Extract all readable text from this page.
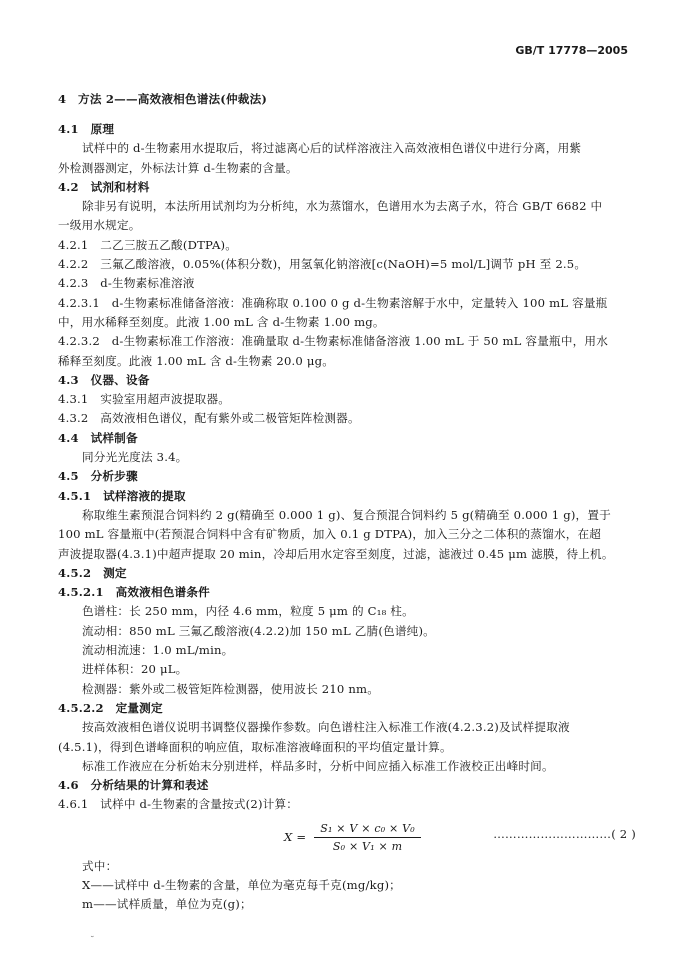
GB/T 17778—2005
4　方法 2——高效液相色谱法(仲裁法)
4.1　原理
试样中的 d-生物素用水提取后，将过滤离心后的试样溶液注入高效液相色谱仪中进行分离，用紫
外检测器测定，外标法计算 d-生物素的含量。
4.2　试剂和材料
除非另有说明，本法所用试剂均为分析纯，水为蒸馏水，色谱用水为去离子水，符合 GB/T 6682 中
一级用水规定。
4.2.1　二乙三胺五乙酸(DTPA)。
4.2.2　三氟乙酸溶液，0.05%(体积分数)，用氢氧化钠溶液[c(NaOH)=5 mol/L]调节 pH 至 2.5。
4.2.3　d-生物素标准溶液
4.2.3.1　d-生物素标准储备溶液：准确称取 0.100 0 g d-生物素溶解于水中，定量转入 100 mL 容量瓶
中，用水稀释至刻度。此液 1.00 mL 含 d-生物素 1.00 mg。
4.2.3.2　d-生物素标准工作溶液：准确量取 d-生物素标准储备溶液 1.00 mL 于 50 mL 容量瓶中，用水
稀释至刻度。此液 1.00 mL 含 d-生物素 20.0 μg。
4.3　仪器、设备
4.3.1　实验室用超声波提取器。
4.3.2　高效液相色谱仪，配有紫外或二极管矩阵检测器。
4.4　试样制备
同分光光度法 3.4。
4.5　分析步骤
4.5.1　试样溶液的提取
称取维生素预混合饲料约 2 g(精确至 0.000 1 g)、复合预混合饲料约 5 g(精确至 0.000 1 g)，置于
100 mL 容量瓶中(若预混合饲料中含有矿物质，加入 0.1 g DTPA)，加入三分之二体积的蒸馏水，在超
声波提取器(4.3.1)中超声提取 20 min，冷却后用水定容至刻度，过滤，滤液过 0.45 μm 滤膜，待上机。
4.5.2　测定
4.5.2.1　高效液相色谱条件
色谱柱：长 250 mm，内径 4.6 mm，粒度 5 μm 的 C₁₈ 柱。
流动相：850 mL 三氟乙酸溶液(4.2.2)加 150 mL 乙腈(色谱纯)。
流动相流速：1.0 mL/min。
进样体积：20 μL。
检测器：紫外或二极管矩阵检测器，使用波长 210 nm。
4.5.2.2　定量测定
按高效液相色谱仪说明书调整仪器操作参数。向色谱柱注入标准工作液(4.2.3.2)及试样提取液
(4.5.1)，得到色谱峰面积的响应值，取标准溶液峰面积的平均值定量计算。
标准工作液应在分析始末分别进样，样品多时，分析中间应插入标准工作液校正出峰时间。
4.6　分析结果的计算和表述
4.6.1　试样中 d-生物素的含量按式(2)计算：
$X = \frac{\text{S₁ × V × c₀ × V₀}}{\text{S₀ × V₁ × m}}$	…………………………( 2 )
式中：
X——试样中 d-生物素的含量，单位为毫克每千克(mg/kg)；
m——试样质量，单位为克(g)；
˘
